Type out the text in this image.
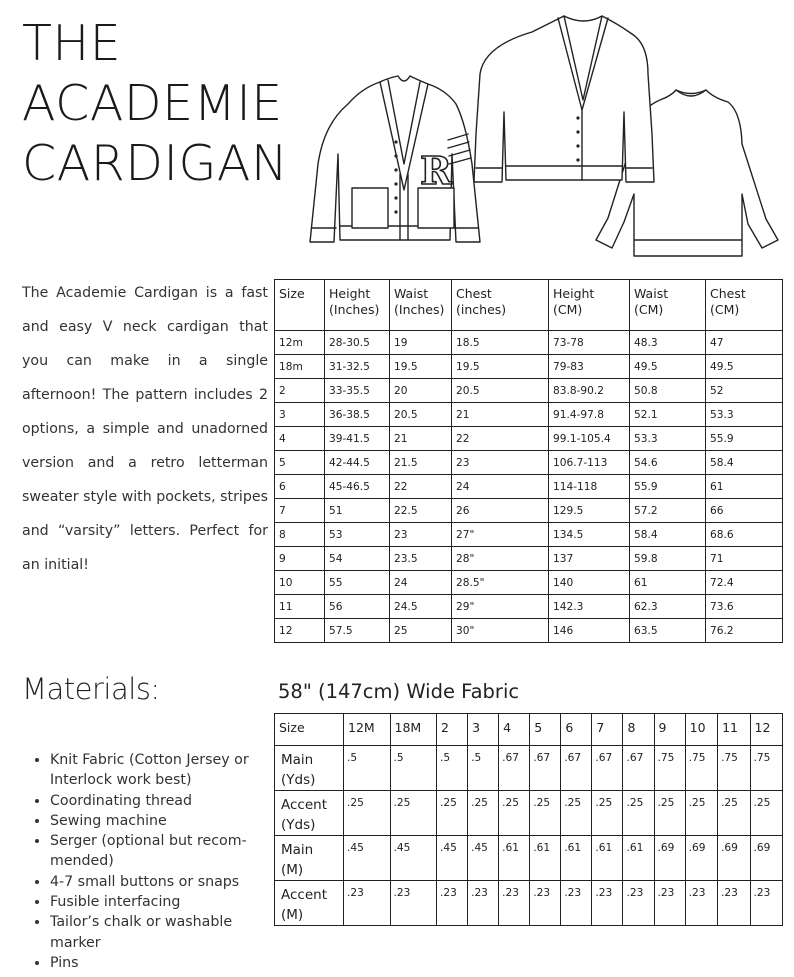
THE
ACADEMIE
CARDIGAN	R

The Academie Cardigan is a fast and easy V neck cardigan that you can make in a single afternoon! The pattern includes 2 options, a simple and unadorned version and a retro letterman sweater style with pockets, stripes and “varsity” letters. Perfect for an initial!

Size	Height (Inches)	Waist (Inches)	Chest (inches)	Height (CM)	Waist (CM)	Chest (CM)
12m	28-30.5	19	18.5	73-78	48.3	47
18m	31-32.5	19.5	19.5	79-83	49.5	49.5
2	33-35.5	20	20.5	83.8-90.2	50.8	52
3	36-38.5	20.5	21	91.4-97.8	52.1	53.3
4	39-41.5	21	22	99.1-105.4	53.3	55.9
5	42-44.5	21.5	23	106.7-113	54.6	58.4
6	45-46.5	22	24	114-118	55.9	61
7	51	22.5	26	129.5	57.2	66
8	53	23	27"	134.5	58.4	68.6
9	54	23.5	28"	137	59.8	71
10	55	24	28.5"	140	61	72.4
11	56	24.5	29"	142.3	62.3	73.6
12	57.5	25	30"	146	63.5	76.2
Materials:
• Knit Fabric (Cotton Jersey or Interlock work best)
• Coordinating thread
• Sewing machine
• Serger (optional but recom- mended)
• 4-7 small buttons or snaps
• Fusible interfacing
• Tailor’s chalk or washable marker
• Pins
58" (147cm) Wide Fabric
Size	12M	18M	2	3	4	5	6	7	8	9	10	11	12
Main (Yds)	.5	.5	.5	.5	.67	.67	.67	.67	.67	.75	.75	.75	.75
Accent (Yds)	.25	.25	.25	.25	.25	.25	.25	.25	.25	.25	.25	.25	.25
Main (M)	.45	.45	.45	.45	.61	.61	.61	.61	.61	.69	.69	.69	.69
Accent (M)	.23	.23	.23	.23	.23	.23	.23	.23	.23	.23	.23	.23	.23
